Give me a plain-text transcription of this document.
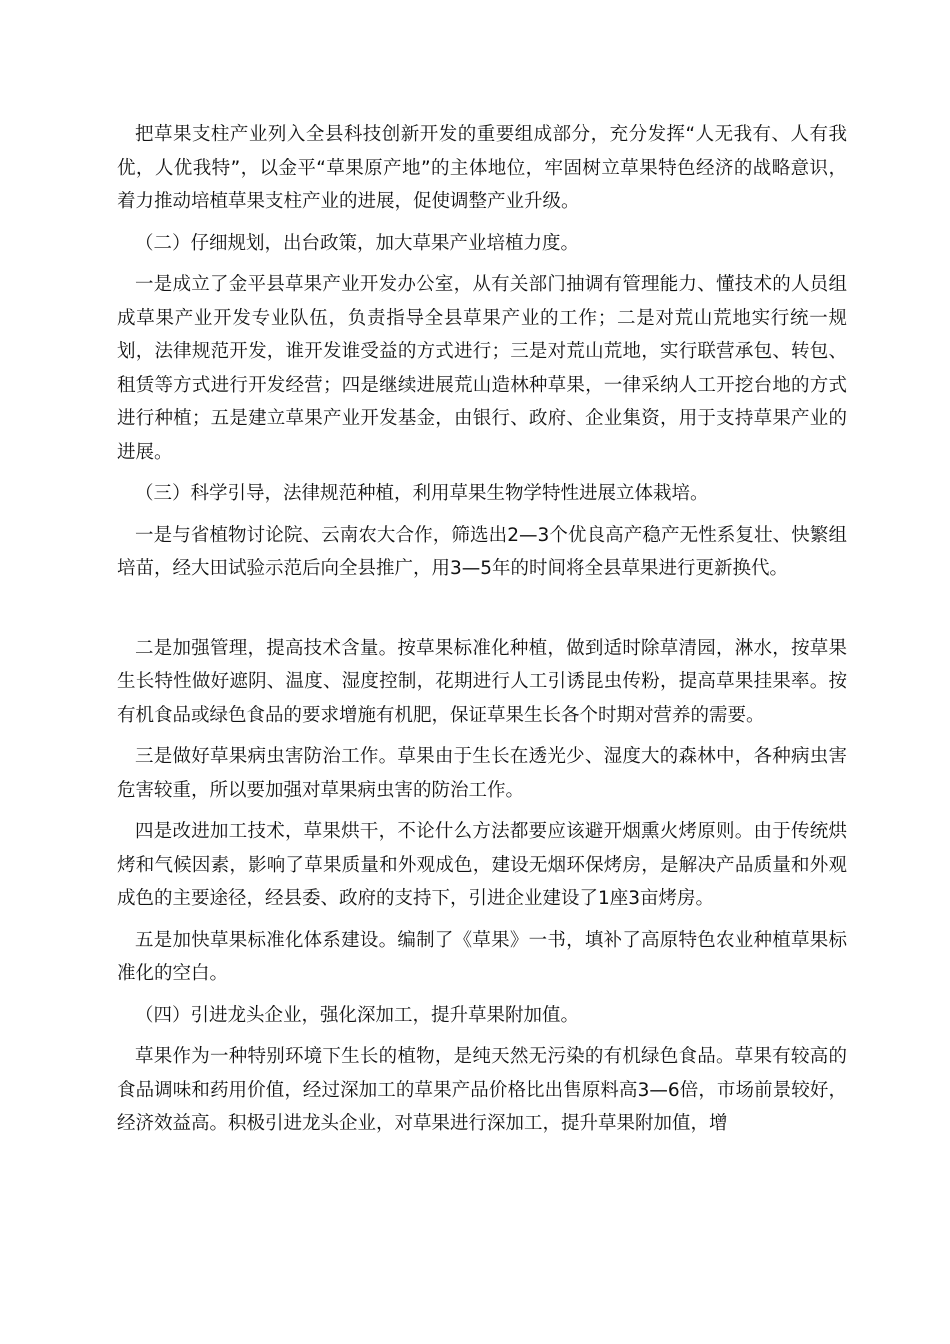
把草果支柱产业列入全县科技创新开发的重要组成部分，充分发挥“人无我有、人有我优，人优我特”，以金平“草果原产地”的主体地位，牢固树立草果特色经济的战略意识，着力推动培植草果支柱产业的进展，促使调整产业升级。

（二）仔细规划，出台政策，加大草果产业培植力度。

一是成立了金平县草果产业开发办公室，从有关部门抽调有管理能力、懂技术的人员组成草果产业开发专业队伍，负责指导全县草果产业的工作；二是对荒山荒地实行统一规划，法律规范开发，谁开发谁受益的方式进行；三是对荒山荒地，实行联营承包、转包、租赁等方式进行开发经营；四是继续进展荒山造林种草果，一律采纳人工开挖台地的方式进行种植；五是建立草果产业开发基金，由银行、政府、企业集资，用于支持草果产业的进展。

（三）科学引导，法律规范种植，利用草果生物学特性进展立体栽培。

一是与省植物讨论院、云南农大合作，筛选出2—3个优良高产稳产无性系复壮、快繁组培苗，经大田试验示范后向全县推广，用3—5年的时间将全县草果进行更新换代。

二是加强管理，提高技术含量。按草果标准化种植，做到适时除草清园，淋水，按草果生长特性做好遮阴、温度、湿度控制，花期进行人工引诱昆虫传粉，提高草果挂果率。按有机食品或绿色食品的要求增施有机肥，保证草果生长各个时期对营养的需要。

三是做好草果病虫害防治工作。草果由于生长在透光少、湿度大的森林中，各种病虫害危害较重，所以要加强对草果病虫害的防治工作。

四是改进加工技术，草果烘干，不论什么方法都要应该避开烟熏火烤原则。由于传统烘烤和气候因素，影响了草果质量和外观成色，建设无烟环保烤房，是解决产品质量和外观成色的主要途径，经县委、政府的支持下，引进企业建设了1座3亩烤房。

五是加快草果标准化体系建设。编制了《草果》一书，填补了高原特色农业种植草果标准化的空白。

（四）引进龙头企业，强化深加工，提升草果附加值。

草果作为一种特别环境下生长的植物，是纯天然无污染的有机绿色食品。草果有较高的食品调味和药用价值，经过深加工的草果产品价格比出售原料高3—6倍，市场前景较好，经济效益高。积极引进龙头企业，对草果进行深加工，提升草果附加值，增
